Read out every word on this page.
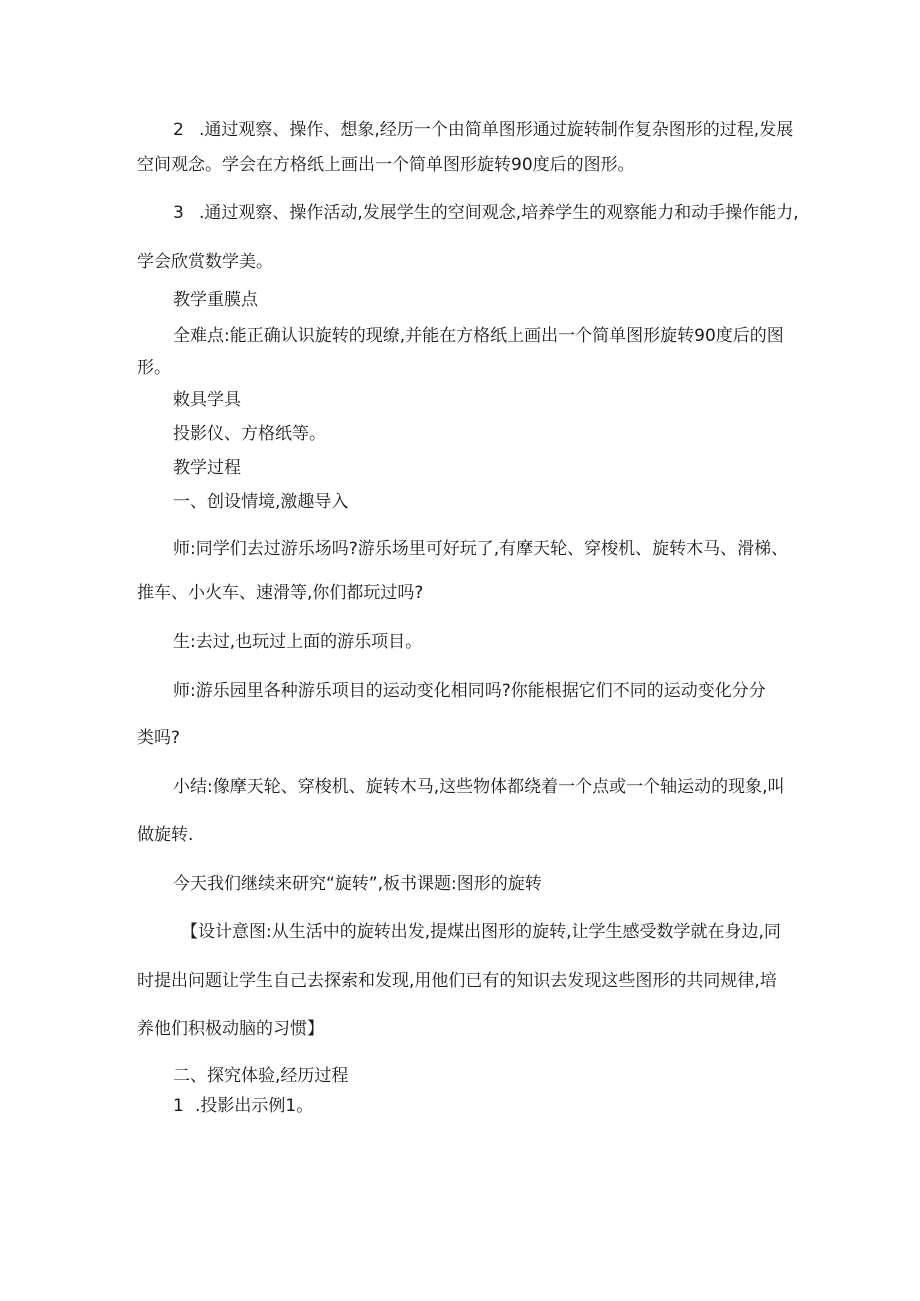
2 .通过观察、操作、想象,经历一个由简单图形通过旋转制作复杂图形的过程,发展
空间观念。学会在方格纸上画出一个简单图形旋转90度后的图形。
3 .通过观察、操作活动,发展学生的空间观念,培养学生的观察能力和动手操作能力,
学会欣赏数学美。
教学重膜点
全难点:能正确认识旋转的现缭,并能在方格纸上画出一个简单图形旋转90度后的图
形。
敕具学具
投影仪、方格纸等。
教学过程
一、创设情境,激趣导入
师:同学们去过游乐场吗?游乐场里可好玩了,有摩天轮、穿梭机、旋转木马、滑梯、
推车、小火车、速滑等,你们都玩过吗?
生:去过,也玩过上面的游乐项目。
师:游乐园里各种游乐项目的运动变化相同吗?你能根据它们不同的运动变化分分
类吗?
小结:像摩天轮、穿梭机、旋转木马,这些物体都绕着一个点或一个轴运动的现象,叫
做旋转.
今天我们继续来研究“旋转”,板书课题:图形的旋转
【设计意图:从生活中的旋转出发,提煤出图形的旋转,让学生感受数学就在身边,同
时提出问题让学生自己去探索和发现,用他们已有的知识去发现这些图形的共同规律,培
养他们积极动脑的习惯】
二、探究体验,经历过程
1 .投影出示例1。
